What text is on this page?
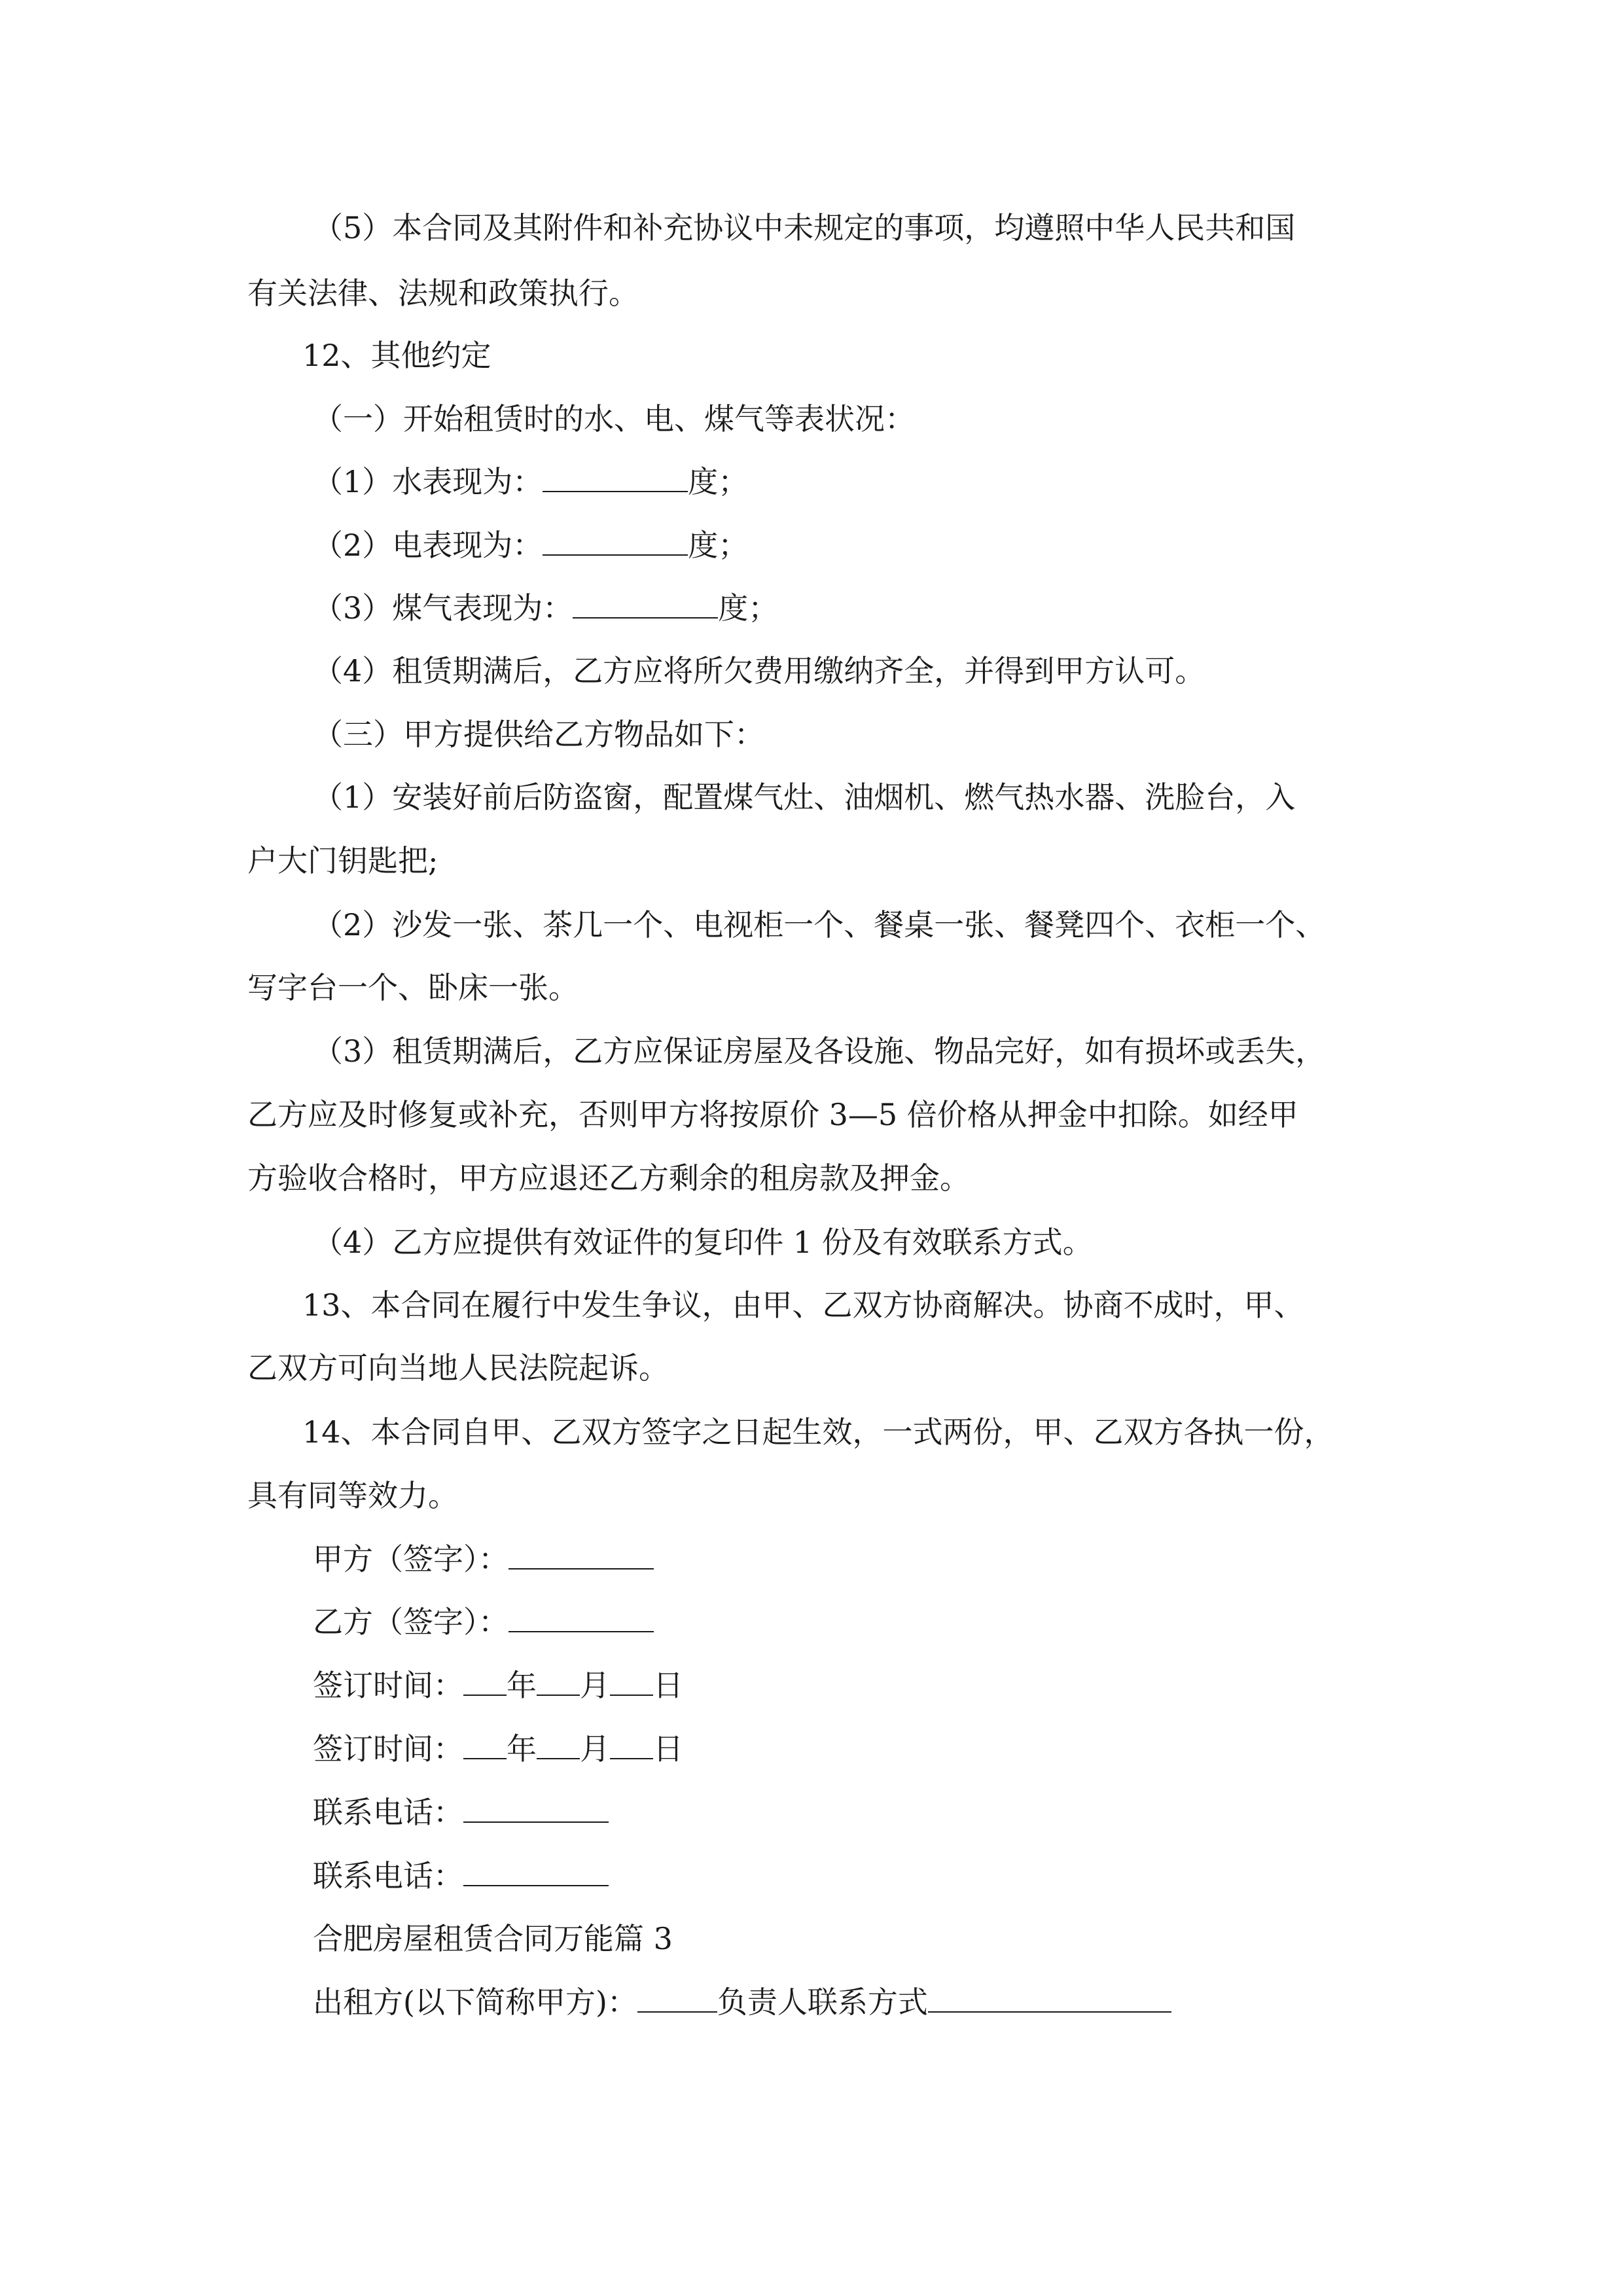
（5）本合同及其附件和补充协议中未规定的事项，均遵照中华人民共和国
有关法律、法规和政策执行。
12、其他约定
（一）开始租赁时的水、电、煤气等表状况：
（1）水表现为：	度；
（2）电表现为：	度；
（3）煤气表现为：	度；
（4）租赁期满后，乙方应将所欠费用缴纳齐全，并得到甲方认可。
（三）甲方提供给乙方物品如下：
（1）安装好前后防盗窗，配置煤气灶、油烟机、燃气热水器、洗脸台，入
户大门钥匙把;
（2）沙发一张、茶几一个、电视柜一个、餐桌一张、餐凳四个、衣柜一个、
写字台一个、卧床一张。
（3）租赁期满后，乙方应保证房屋及各设施、物品完好，如有损坏或丢失，
乙方应及时修复或补充，否则甲方将按原价 3—5 倍价格从押金中扣除。如经甲
方验收合格时，甲方应退还乙方剩余的租房款及押金。
（4）乙方应提供有效证件的复印件 1 份及有效联系方式。
13、本合同在履行中发生争议，由甲、乙双方协商解决。协商不成时，甲、
乙双方可向当地人民法院起诉。
14、本合同自甲、乙双方签字之日起生效，一式两份，甲、乙双方各执一份，
具有同等效力。
甲方（签字）：
乙方（签字）：
签订时间： 年 月 日
签订时间： 年 月 日
联系电话：
联系电话：
合肥房屋租赁合同万能篇 3
出租方(以下简称甲方)：	负责人联系方式
